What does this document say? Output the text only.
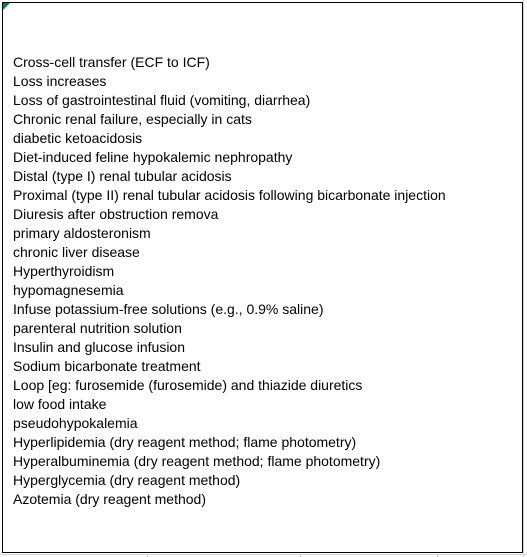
Cross-cell transfer (ECF to ICF)
Loss increases
Loss of gastrointestinal fluid (vomiting, diarrhea)
Chronic renal failure, especially in cats
diabetic ketoacidosis
Diet-induced feline hypokalemic nephropathy
Distal (type I) renal tubular acidosis
Proximal (type II) renal tubular acidosis following bicarbonate injection
Diuresis after obstruction remova
primary aldosteronism
chronic liver disease
Hyperthyroidism
hypomagnesemia
Infuse potassium-free solutions (e.g., 0.9% saline)
parenteral nutrition solution
Insulin and glucose infusion
Sodium bicarbonate treatment
Loop [eg: furosemide (furosemide) and thiazide diuretics
low food intake
pseudohypokalemia
Hyperlipidemia (dry reagent method; flame photometry)
Hyperalbuminemia (dry reagent method; flame photometry)
Hyperglycemia (dry reagent method)
Azotemia (dry reagent method)
